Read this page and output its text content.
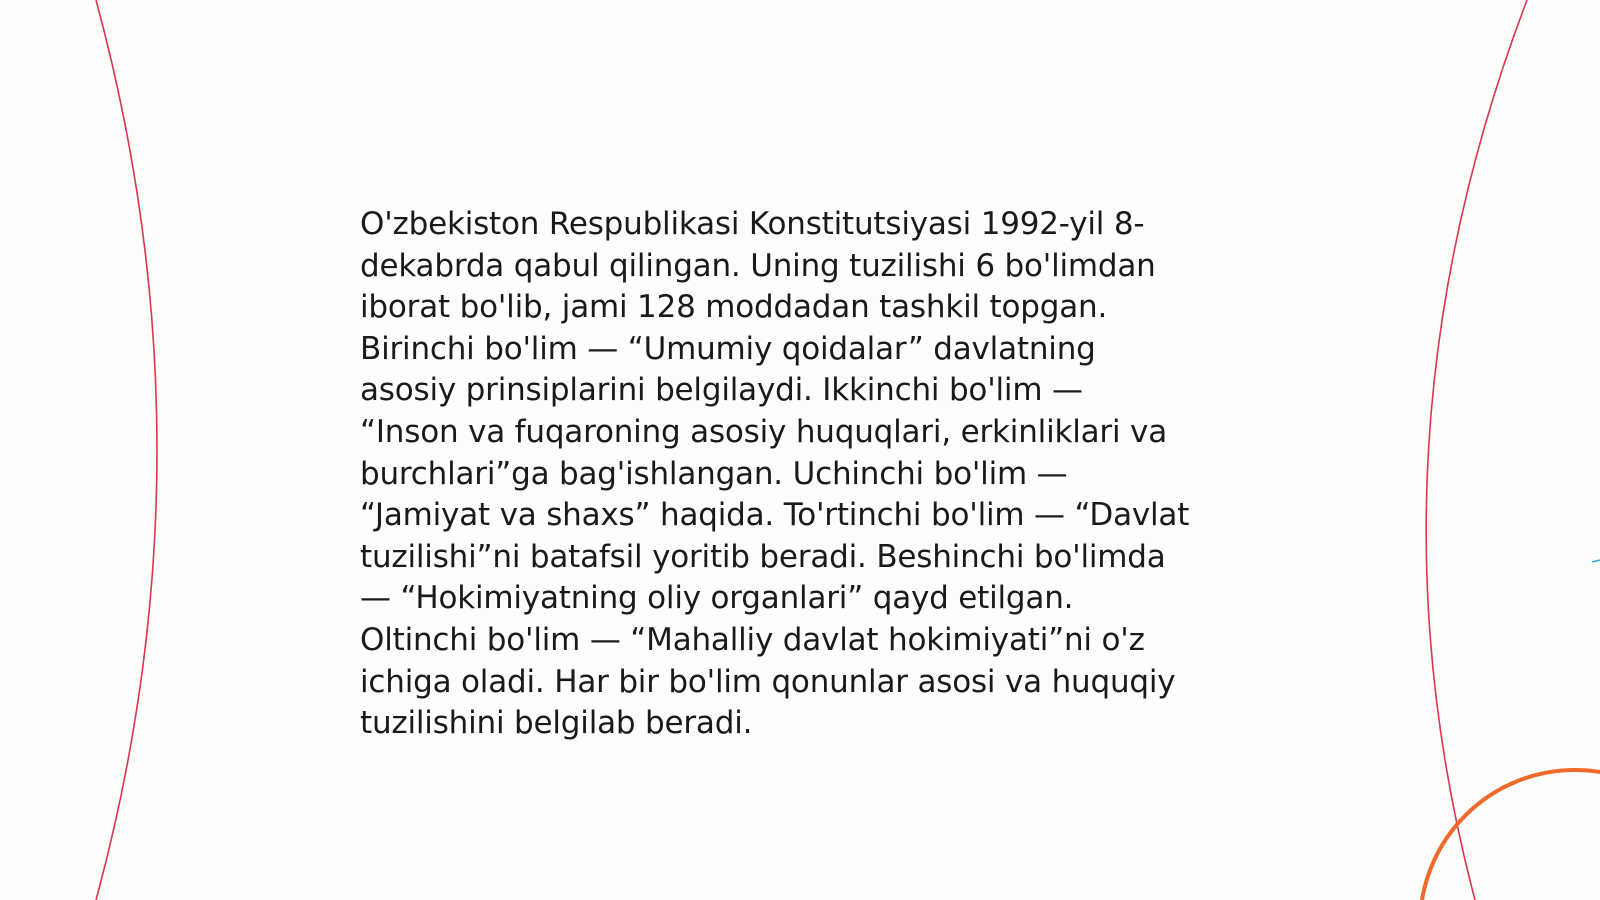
O'zbekiston Respublikasi Konstitutsiyasi 1992-yil 8-
dekabrda qabul qilingan. Uning tuzilishi 6 bo'limdan
iborat bo'lib, jami 128 moddadan tashkil topgan.
Birinchi bo'lim — “Umumiy qoidalar” davlatning
asosiy prinsiplarini belgilaydi. Ikkinchi bo'lim —
“Inson va fuqaroning asosiy huquqlari, erkinliklari va
burchlari”ga bag'ishlangan. Uchinchi bo'lim —
“Jamiyat va shaxs” haqida. To'rtinchi bo'lim — “Davlat
tuzilishi”ni batafsil yoritib beradi. Beshinchi bo'limda
— “Hokimiyatning oliy organlari” qayd etilgan.
Oltinchi bo'lim — “Mahalliy davlat hokimiyati”ni o'z
ichiga oladi. Har bir bo'lim qonunlar asosi va huquqiy
tuzilishini belgilab beradi.
